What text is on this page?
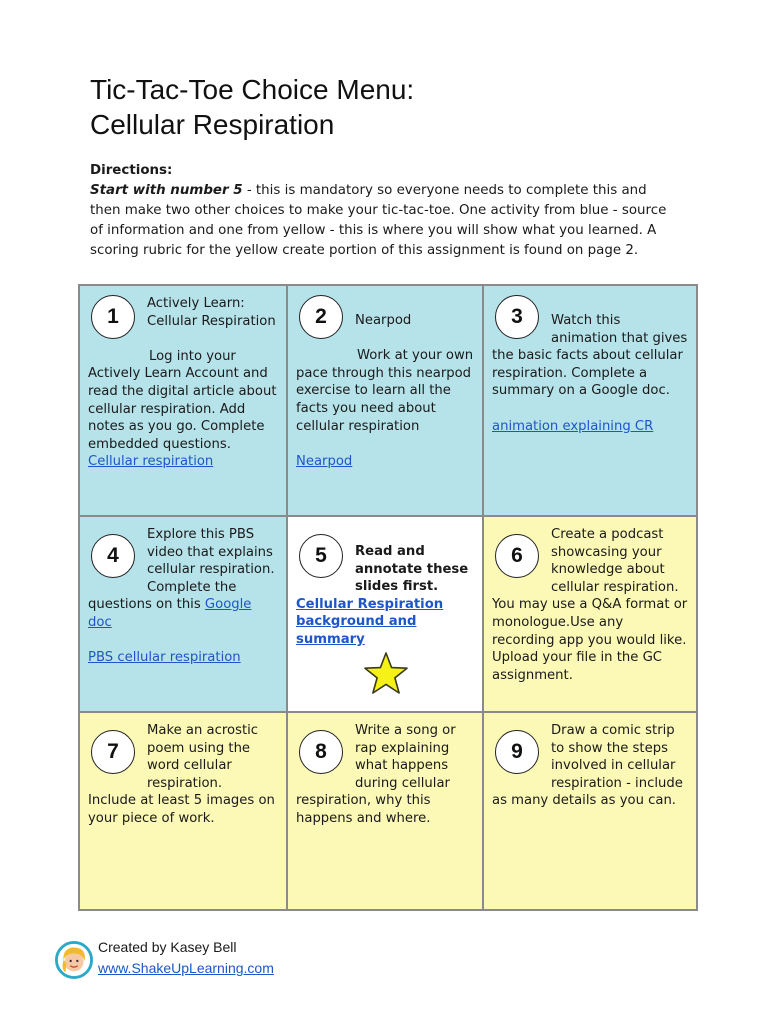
Tic-Tac-Toe Choice Menu:
Cellular Respiration
Directions:
Start with number 5 - this is mandatory so everyone needs to complete this and then make two other choices to make your tic-tac-toe. One activity from blue - source of information and one from yellow - this is where you will show what you learned. A scoring rubric for the yellow create portion of this assignment is found on page 2.
1
Actively Learn: Cellular Respiration
Log into your Actively Learn Account and read the digital article about cellular respiration. Add notes as you go. Complete embedded questions.
Cellular respiration
2	Nearpod
Work at your own pace through this nearpod exercise to learn all the facts you need about cellular respiration
Nearpod
3	Watch this animation that gives the basic facts about cellular respiration. Complete a summary on a Google doc.
animation explaining CR
4
Explore this PBS video that explains cellular respiration. Complete the questions on this Google doc
PBS cellular respiration
5	Read and annotate these slides first.
Cellular Respiration background and summary
6
Create a podcast showcasing your knowledge about cellular respiration. You may use a Q&A format or monologue.Use any recording app you would like. Upload your file in the GC assignment.
7
Make an acrostic poem using the word cellular respiration.
Include at least 5 images on your piece of work.
8
Write a song or rap explaining what happens during cellular respiration, why this happens and where.
9
Draw a comic strip to show the steps involved in cellular respiration - include as many details as you can.
Created by Kasey Bell
www.ShakeUpLearning.com
